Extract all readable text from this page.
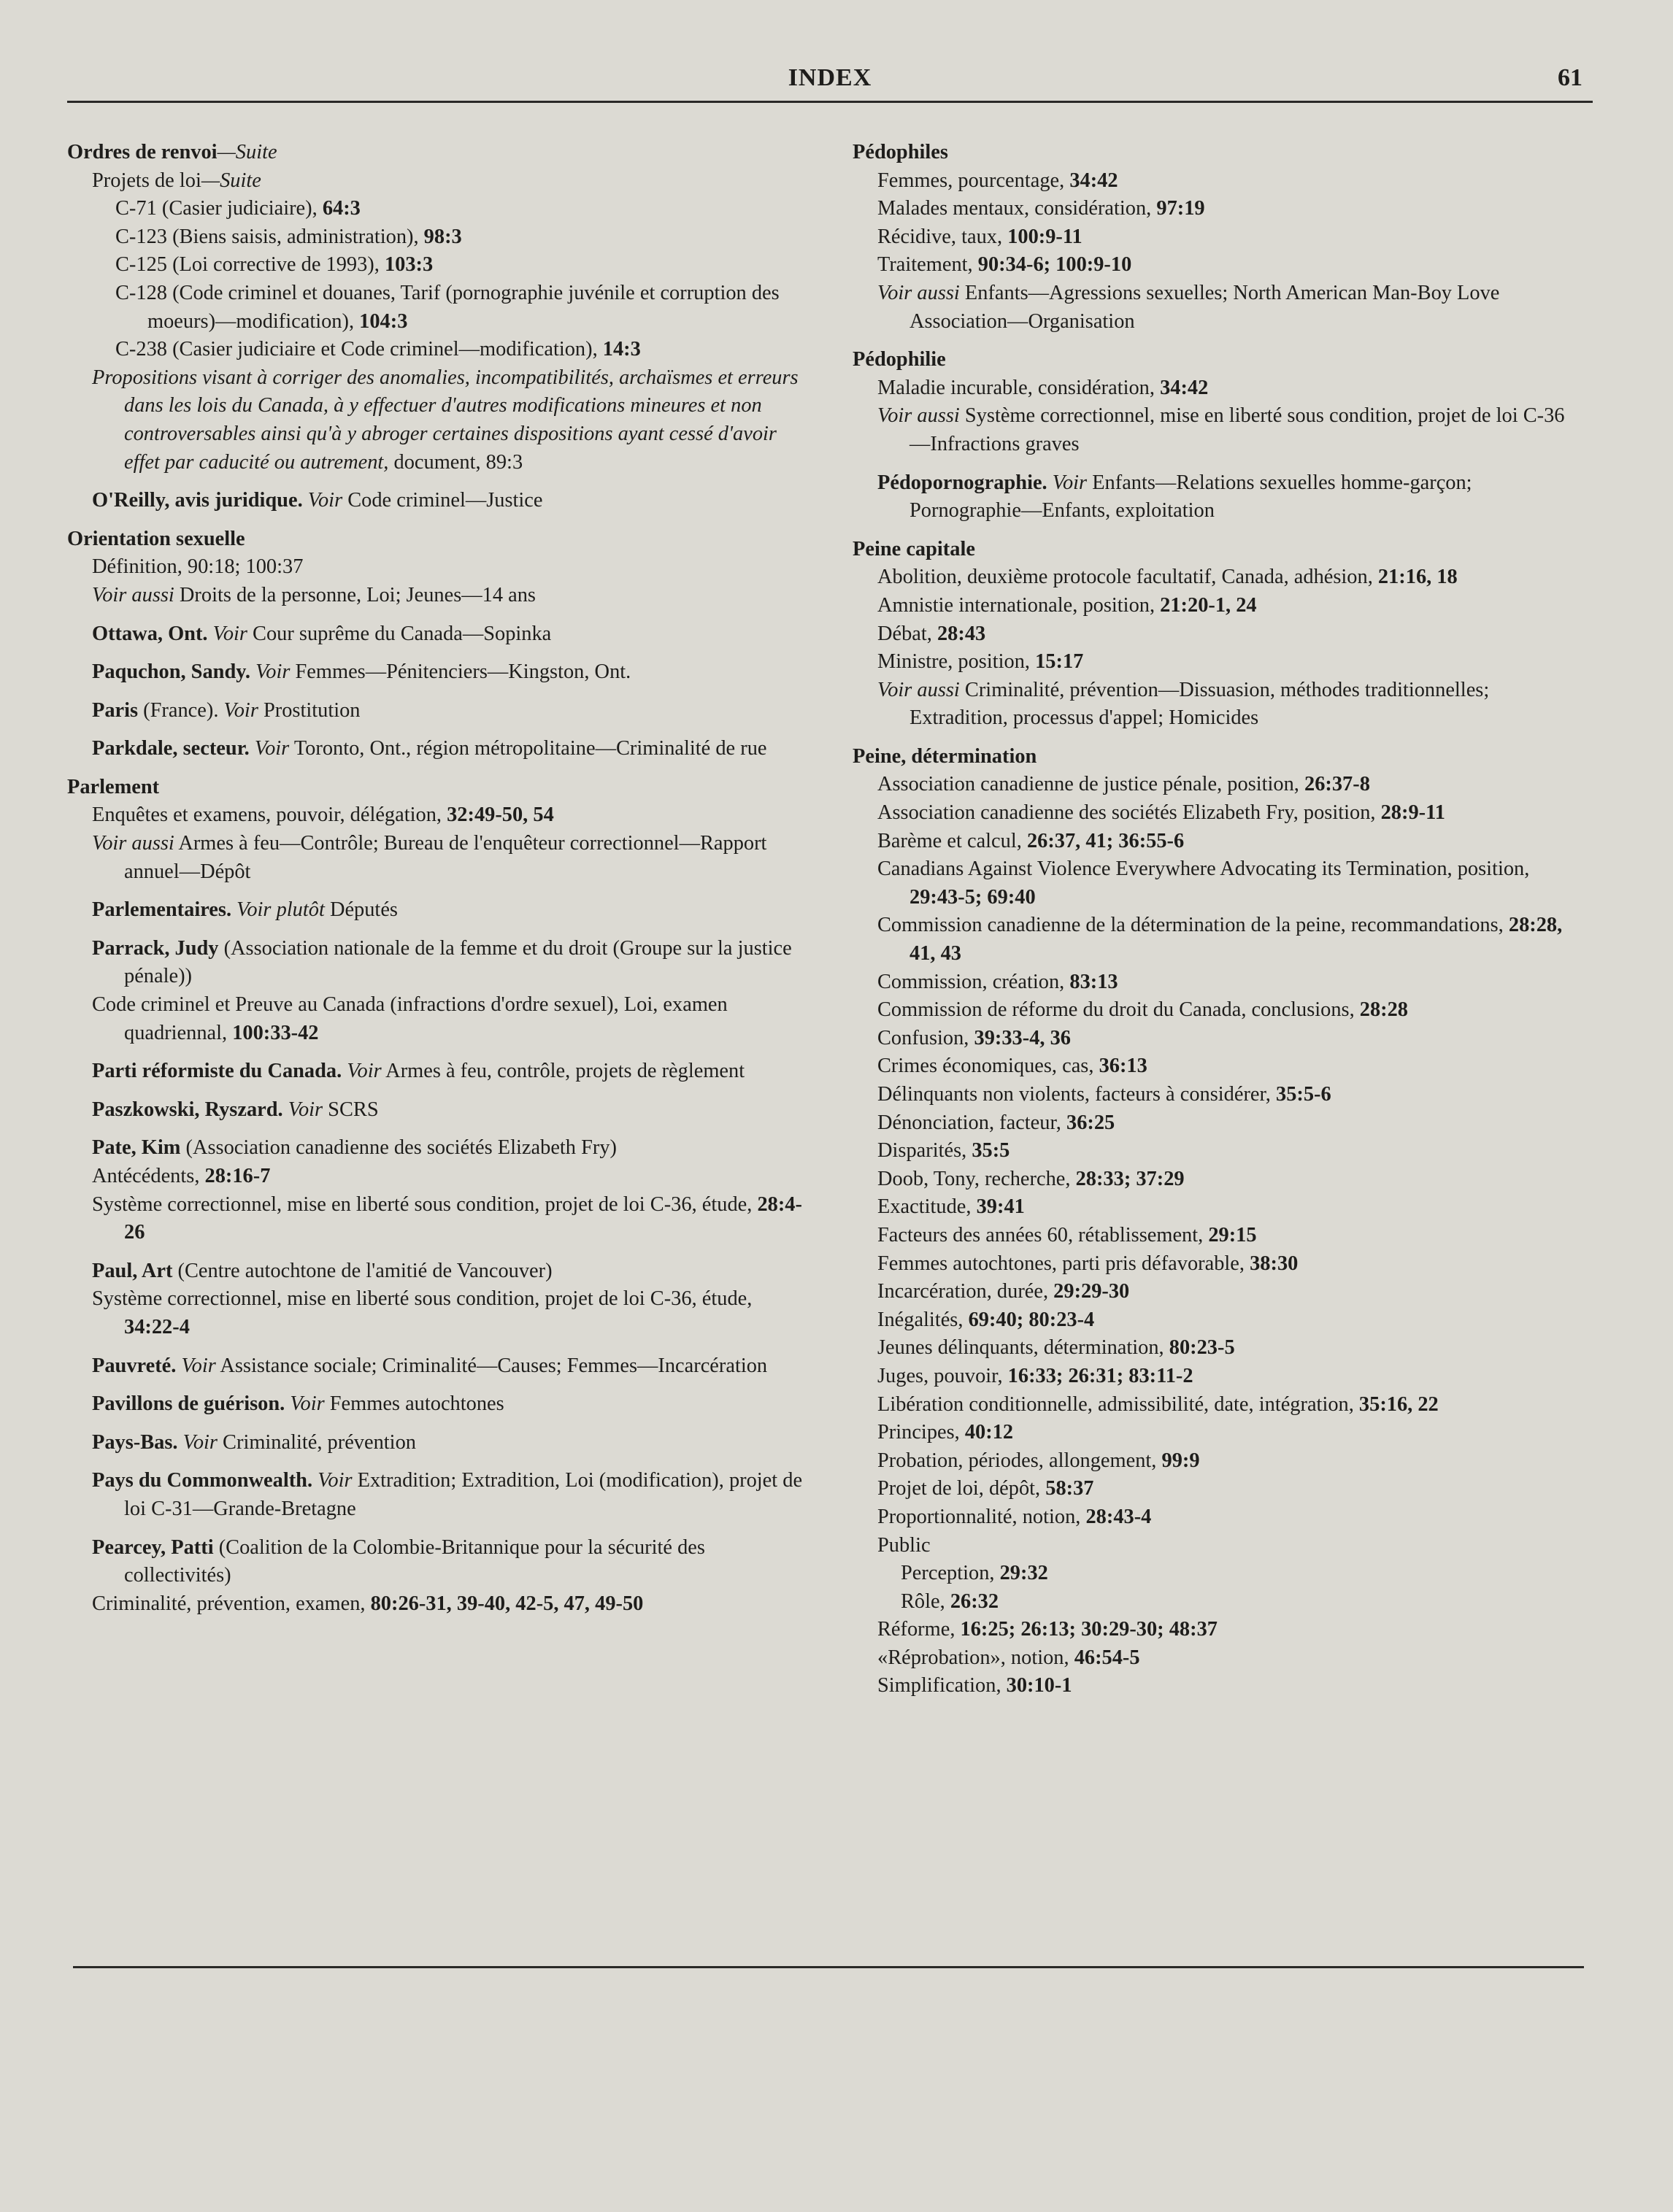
INDEX	61
Ordres de renvoi—Suite
Projets de loi—Suite
C-71 (Casier judiciaire), 64:3
C-123 (Biens saisis, administration), 98:3
C-125 (Loi corrective de 1993), 103:3
C-128 (Code criminel et douanes, Tarif (pornographie juvénile et corruption des moeurs)—modification), 104:3
C-238 (Casier judiciaire et Code criminel—modification), 14:3
Propositions visant à corriger des anomalies, incompatibilités, archaïsmes et erreurs dans les lois du Canada, à y effectuer d'autres modifications mineures et non controversables ainsi qu'à y abroger certaines dispositions ayant cessé d'avoir effet par caducité ou autrement, document, 89:3
O'Reilly, avis juridique. Voir Code criminel—Justice
Orientation sexuelle
Définition, 90:18; 100:37
Voir aussi Droits de la personne, Loi; Jeunes—14 ans
Ottawa, Ont. Voir Cour suprême du Canada—Sopinka
Paquchon, Sandy. Voir Femmes—Pénitenciers—Kingston, Ont.
Paris (France). Voir Prostitution
Parkdale, secteur. Voir Toronto, Ont., région métropolitaine—Criminalité de rue
Parlement
Enquêtes et examens, pouvoir, délégation, 32:49-50, 54
Voir aussi Armes à feu—Contrôle; Bureau de l'enquêteur correctionnel—Rapport annuel—Dépôt
Parlementaires. Voir plutôt Députés
Parrack, Judy (Association nationale de la femme et du droit (Groupe sur la justice pénale))
Code criminel et Preuve au Canada (infractions d'ordre sexuel), Loi, examen quadriennal, 100:33-42
Parti réformiste du Canada. Voir Armes à feu, contrôle, projets de règlement
Paszkowski, Ryszard. Voir SCRS
Pate, Kim (Association canadienne des sociétés Elizabeth Fry)
Antécédents, 28:16-7
Système correctionnel, mise en liberté sous condition, projet de loi C-36, étude, 28:4-26
Paul, Art (Centre autochtone de l'amitié de Vancouver)
Système correctionnel, mise en liberté sous condition, projet de loi C-36, étude, 34:22-4
Pauvreté. Voir Assistance sociale; Criminalité—Causes; Femmes—Incarcération
Pavillons de guérison. Voir Femmes autochtones
Pays-Bas. Voir Criminalité, prévention
Pays du Commonwealth. Voir Extradition; Extradition, Loi (modification), projet de loi C-31—Grande-Bretagne
Pearcey, Patti (Coalition de la Colombie-Britannique pour la sécurité des collectivités)
Criminalité, prévention, examen, 80:26-31, 39-40, 42-5, 47, 49-50
Pédophiles
Femmes, pourcentage, 34:42
Malades mentaux, considération, 97:19
Récidive, taux, 100:9-11
Traitement, 90:34-6; 100:9-10
Voir aussi Enfants—Agressions sexuelles; North American Man-Boy Love Association—Organisation
Pédophilie
Maladie incurable, considération, 34:42
Voir aussi Système correctionnel, mise en liberté sous condition, projet de loi C-36—Infractions graves
Pédopornographie. Voir Enfants—Relations sexuelles homme-garçon; Pornographie—Enfants, exploitation
Peine capitale
Abolition, deuxième protocole facultatif, Canada, adhésion, 21:16, 18
Amnistie internationale, position, 21:20-1, 24
Débat, 28:43
Ministre, position, 15:17
Voir aussi Criminalité, prévention—Dissuasion, méthodes traditionnelles; Extradition, processus d'appel; Homicides
Peine, détermination
Association canadienne de justice pénale, position, 26:37-8
Association canadienne des sociétés Elizabeth Fry, position, 28:9-11
Barème et calcul, 26:37, 41; 36:55-6
Canadians Against Violence Everywhere Advocating its Termination, position, 29:43-5; 69:40
Commission canadienne de la détermination de la peine, recommandations, 28:28, 41, 43
Commission, création, 83:13
Commission de réforme du droit du Canada, conclusions, 28:28
Confusion, 39:33-4, 36
Crimes économiques, cas, 36:13
Délinquants non violents, facteurs à considérer, 35:5-6
Dénonciation, facteur, 36:25
Disparités, 35:5
Doob, Tony, recherche, 28:33; 37:29
Exactitude, 39:41
Facteurs des années 60, rétablissement, 29:15
Femmes autochtones, parti pris défavorable, 38:30
Incarcération, durée, 29:29-30
Inégalités, 69:40; 80:23-4
Jeunes délinquants, détermination, 80:23-5
Juges, pouvoir, 16:33; 26:31; 83:11-2
Libération conditionnelle, admissibilité, date, intégration, 35:16, 22
Principes, 40:12
Probation, périodes, allongement, 99:9
Projet de loi, dépôt, 58:37
Proportionnalité, notion, 28:43-4
Public
Perception, 29:32
Rôle, 26:32
Réforme, 16:25; 26:13; 30:29-30; 48:37
«Réprobation», notion, 46:54-5
Simplification, 30:10-1
